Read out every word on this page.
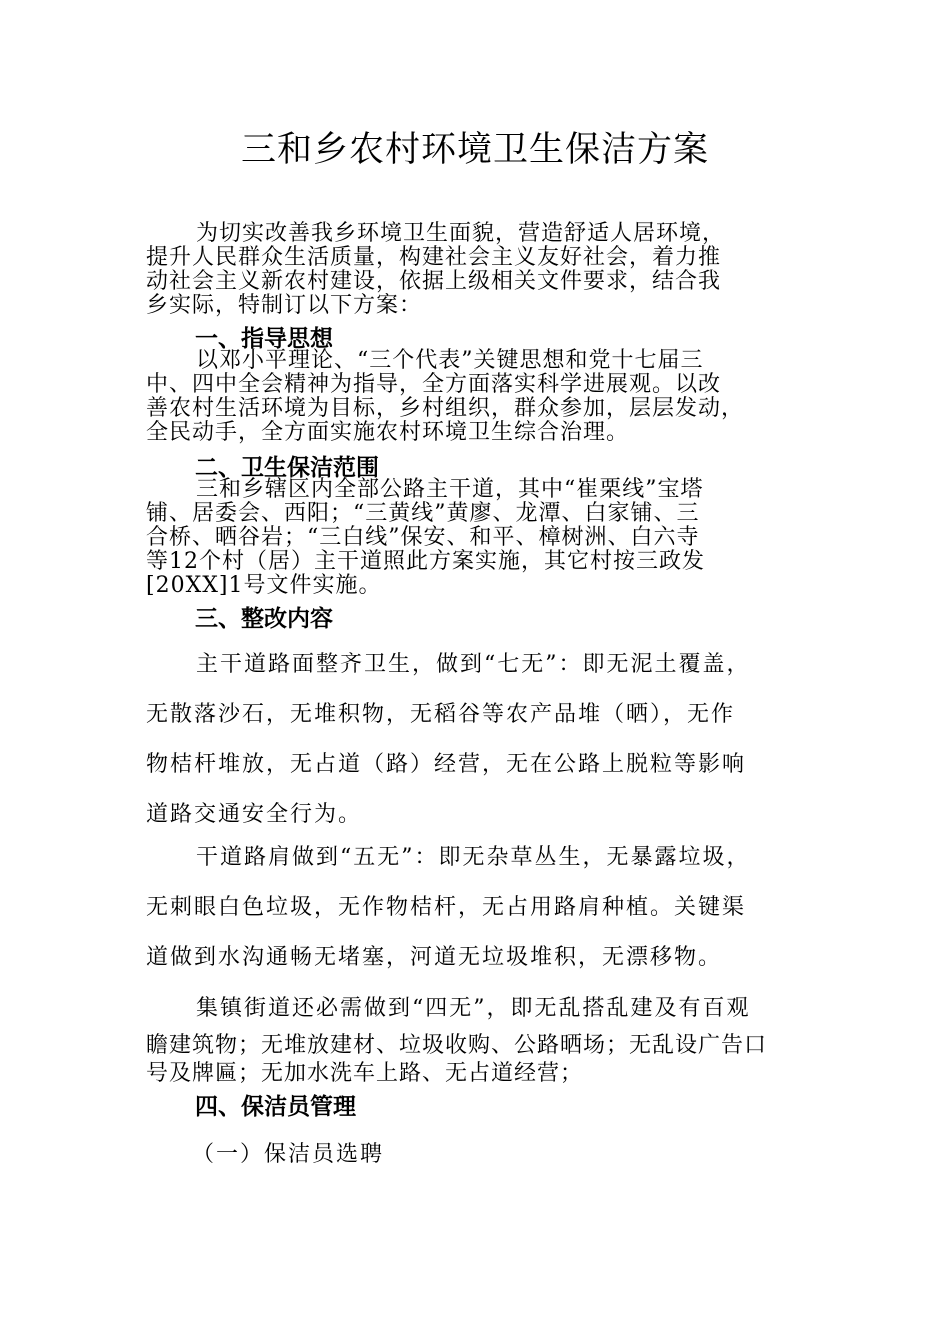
三和乡农村环境卫生保洁方案

为切实改善我乡环境卫生面貌，营造舒适人居环境，

提升人民群众生活质量，构建社会主义友好社会，着力推

动社会主义新农村建设，依据上级相关文件要求，结合我

乡实际，特制订以下方案：

一、指导思想

以邓小平理论、“三个代表”关键思想和党十七届三

中、四中全会精神为指导，全方面落实科学进展观。以改

善农村生活环境为目标，乡村组织，群众参加，层层发动，

全民动手，全方面实施农村环境卫生综合治理。

二、卫生保洁范围

三和乡辖区内全部公路主干道，其中“崔栗线”宝塔

铺、居委会、西阳；“三黄线”黄廖、龙潭、白家铺、三

合桥、晒谷岩；“三白线”保安、和平、樟树洲、白六寺

等12个村（居）主干道照此方案实施，其它村按三政发

[20XX]1号文件实施。

三、整改内容

主干道路面整齐卫生，做到“七无”：即无泥土覆盖，

无散落沙石，无堆积物，无稻谷等农产品堆（晒），无作

物桔杆堆放，无占道（路）经营，无在公路上脱粒等影响

道路交通安全行为。

干道路肩做到“五无”：即无杂草丛生，无暴露垃圾，

无刺眼白色垃圾，无作物桔杆，无占用路肩种植。关键渠

道做到水沟通畅无堵塞，河道无垃圾堆积，无漂移物。

集镇街道还必需做到“四无”，即无乱搭乱建及有百观

瞻建筑物；无堆放建材、垃圾收购、公路晒场；无乱设广告口

号及牌匾；无加水洗车上路、无占道经营；

四、保洁员管理

（一）保洁员选聘
